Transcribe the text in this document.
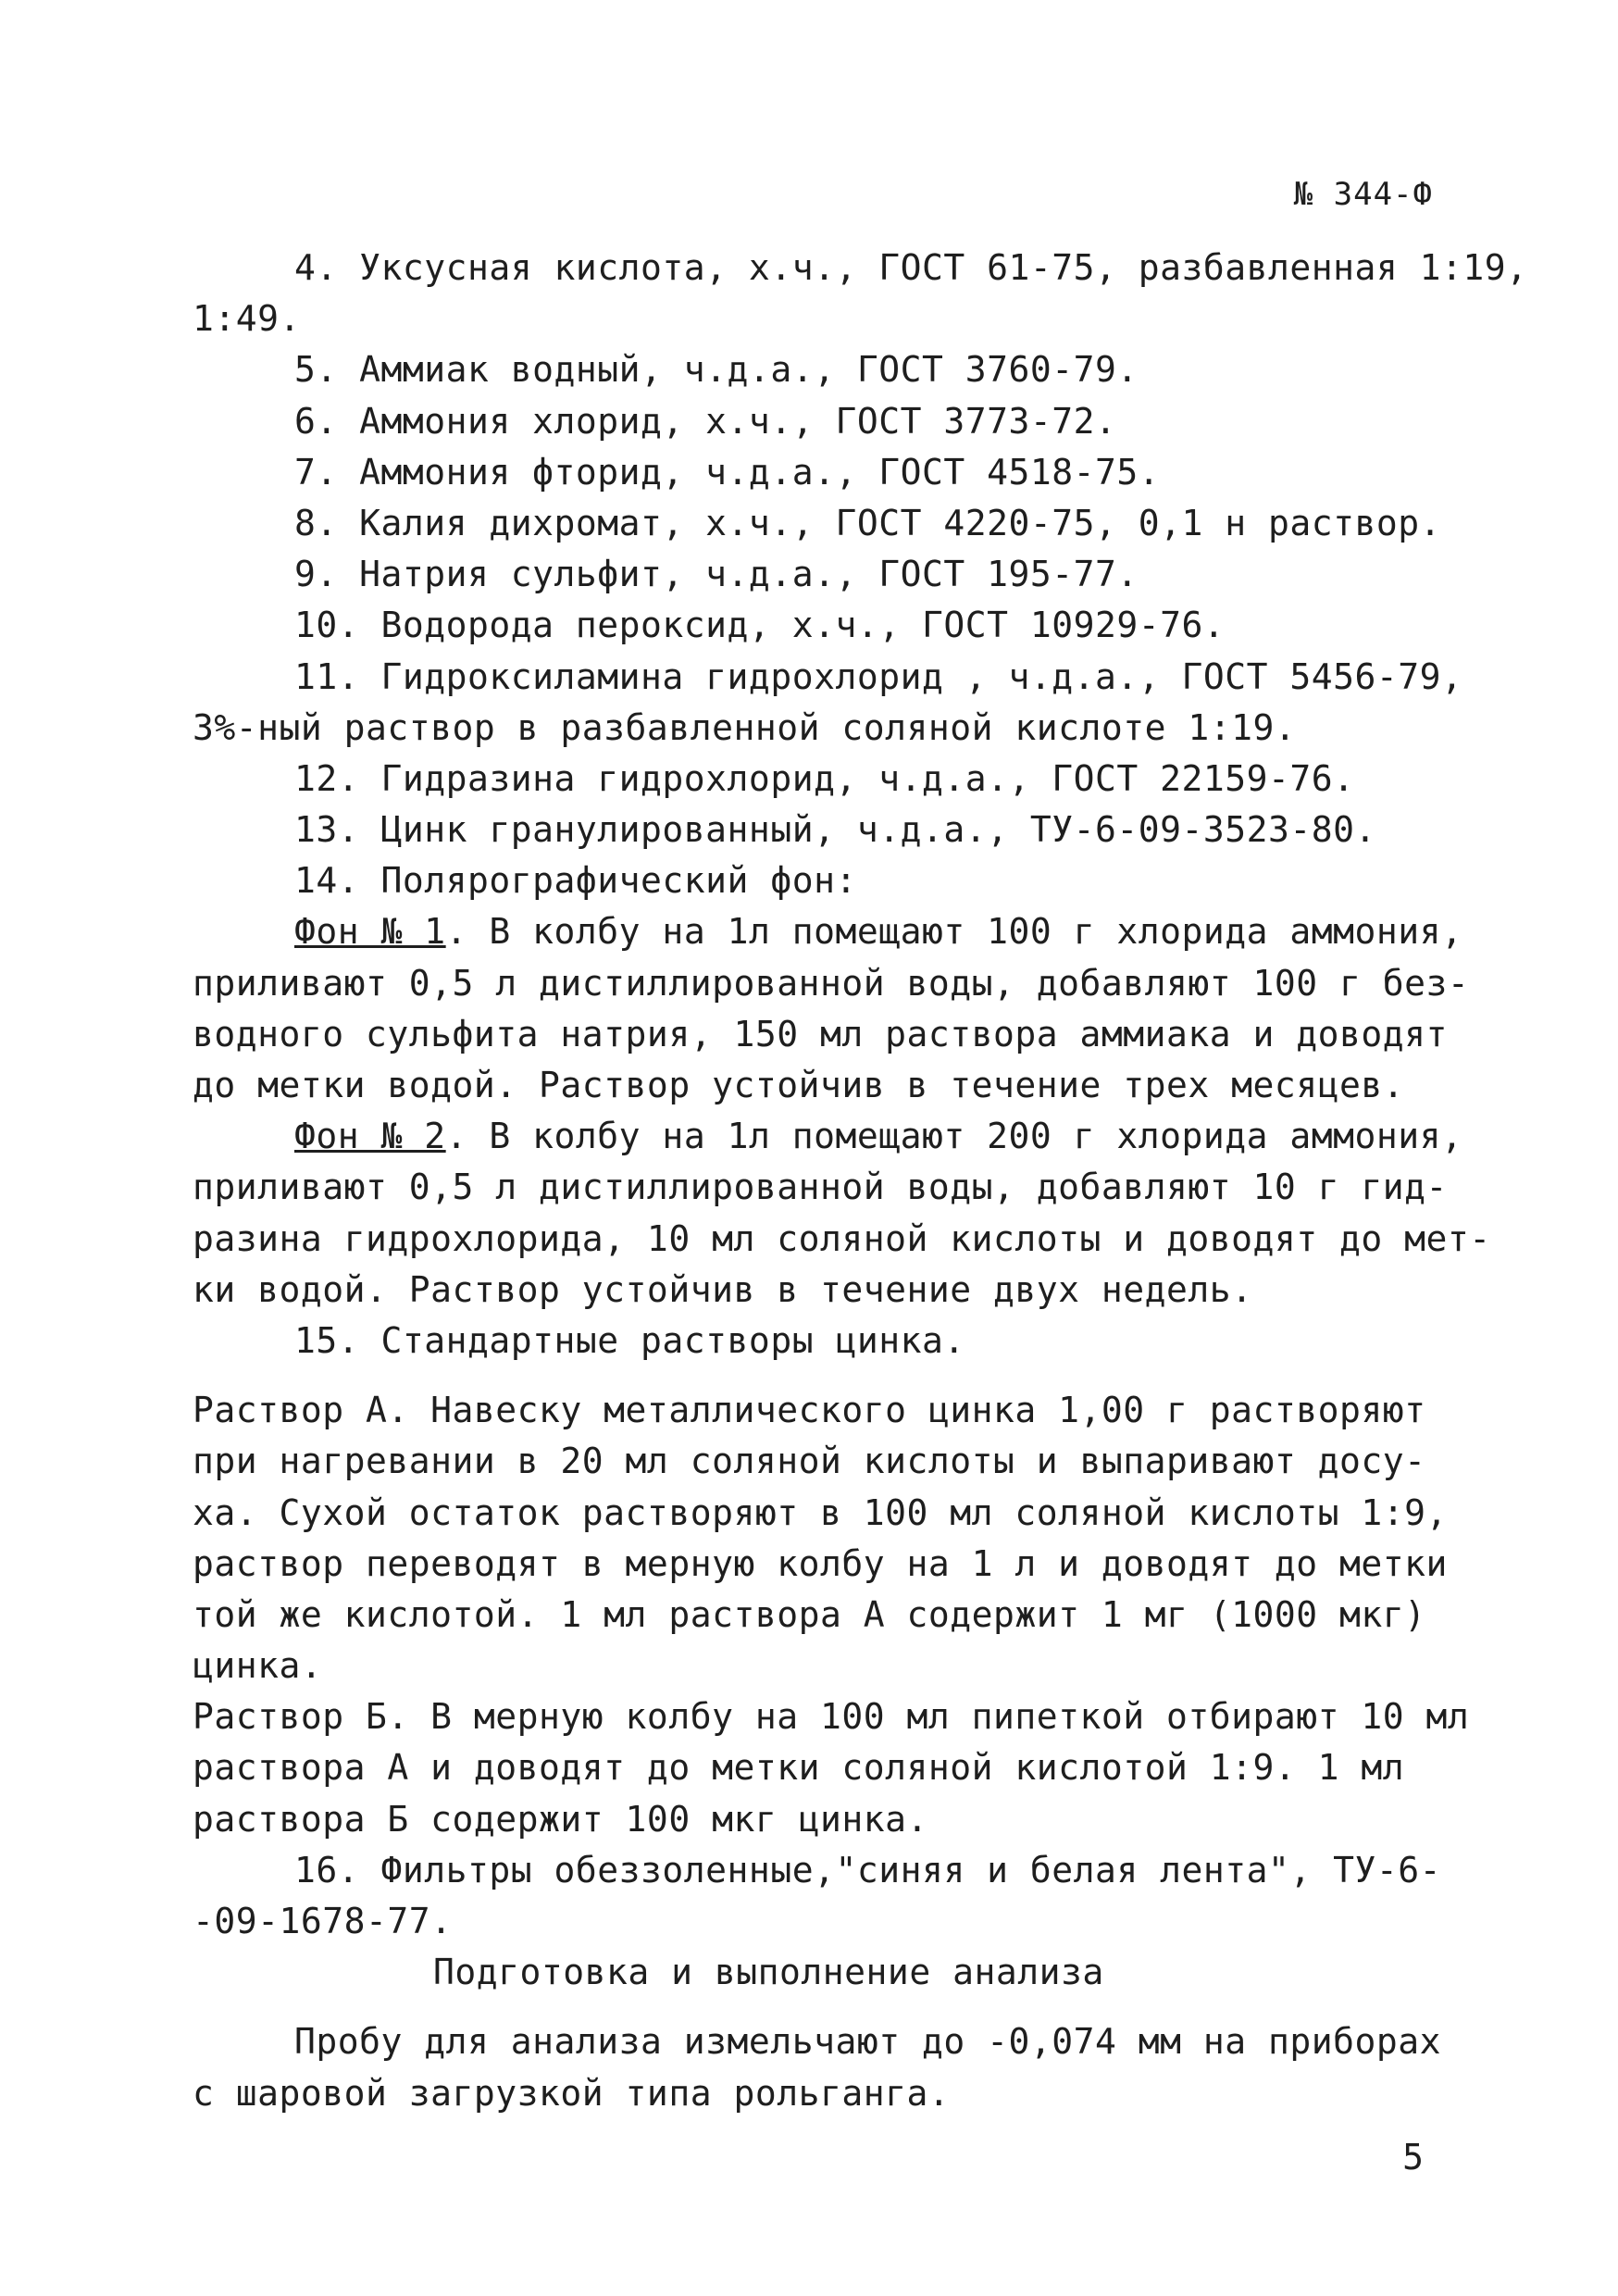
№ 344-Ф
4. Уксусная кислота, х.ч., ГОСТ 61-75, разбавленная 1:19,
1:49.
5. Аммиак водный, ч.д.а., ГОСТ 3760-79.
6. Аммония хлорид, х.ч., ГОСТ 3773-72.
7. Аммония фторид, ч.д.а., ГОСТ 4518-75.
8. Калия дихромат, х.ч., ГОСТ 4220-75, 0,1 н раствор.
9. Натрия сульфит, ч.д.а., ГОСТ 195-77.
10. Водорода пероксид, х.ч., ГОСТ 10929-76.
11. Гидроксиламина гидрохлорид , ч.д.а., ГОСТ 5456-79,
3%-ный раствор в разбавленной соляной кислоте 1:19.
12. Гидразина гидрохлорид, ч.д.а., ГОСТ 22159-76.
13. Цинк гранулированный, ч.д.а., ТУ-6-09-3523-80.
14. Полярографический фон:
Фон № 1. В колбу на 1л помещают 100 г хлорида аммония,
приливают 0,5 л дистиллированной воды, добавляют 100 г без-
водного сульфита натрия, 150 мл раствора аммиака и доводят
до метки водой. Раствор устойчив в течение трех месяцев.
Фон № 2. В колбу на 1л помещают 200 г хлорида аммония,
приливают 0,5 л дистиллированной воды, добавляют 10 г гид-
разина гидрохлорида, 10 мл соляной кислоты и доводят до мет-
ки водой. Раствор устойчив в течение двух недель.
15. Стандартные растворы цинка.
Раствор А. Навеску металлического цинка 1,00 г растворяют
при нагревании в 20 мл соляной кислоты и выпаривают досу-
ха. Сухой остаток растворяют в 100 мл соляной кислоты 1:9,
раствор переводят в мерную колбу на 1 л и доводят до метки
той же кислотой. 1 мл раствора А содержит 1 мг (1000 мкг)
цинка.
Раствор Б. В мерную колбу на 100 мл пипеткой отбирают 10 мл
раствора А и доводят до метки соляной кислотой 1:9. 1 мл
раствора Б содержит 100 мкг цинка.
16. Фильтры обеззоленные,"синяя и белая лента", ТУ-6-
-09-1678-77.
Подготовка и выполнение анализа
Пробу для анализа измельчают до -0,074 мм на приборах
с шаровой загрузкой типа рольганга.
5
